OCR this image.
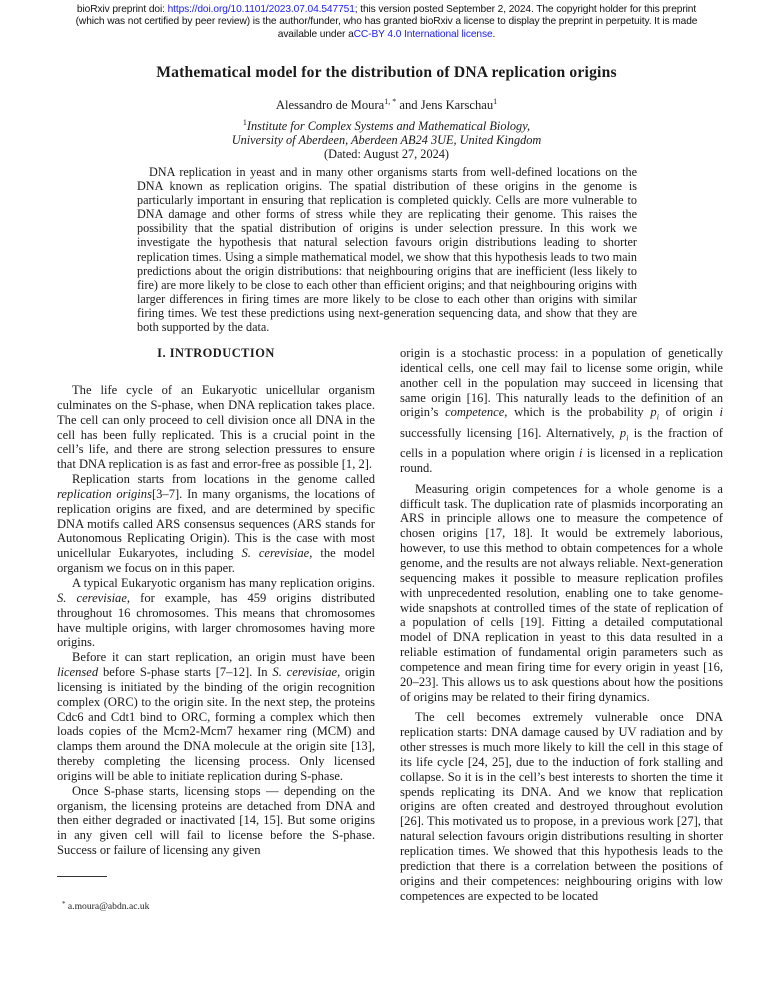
bioRxiv preprint doi: https://doi.org/10.1101/2023.07.04.547751; this version posted September 2, 2024. The copyright holder for this preprint
(which was not certified by peer review) is the author/funder, who has granted bioRxiv a license to display the preprint in perpetuity. It is made
available under aCC-BY 4.0 International license.
Mathematical model for the distribution of DNA replication origins
Alessandro de Moura$^{1, *}$ and Jens Karschau$^1$
$^1$Institute for Complex Systems and Mathematical Biology,
University of Aberdeen, Aberdeen AB24 3UE, United Kingdom
(Dated: August 27, 2024)
DNA replication in yeast and in many other organisms starts from well-defined locations on the DNA known as replication origins. The spatial distribution of these origins in the genome is particularly important in ensuring that replication is completed quickly. Cells are more vulnerable to DNA damage and other forms of stress while they are replicating their genome. This raises the possibility that the spatial distribution of origins is under selection pressure. In this work we investigate the hypothesis that natural selection favours origin distributions leading to shorter replication times. Using a simple mathematical model, we show that this hypothesis leads to two main predictions about the origin distributions: that neighbouring origins that are inefficient (less likely to fire) are more likely to be close to each other than efficient origins; and that neighbouring origins with larger differences in firing times are more likely to be close to each other than origins with similar firing times. We test these predictions using next-generation sequencing data, and show that they are both supported by the data.
I. INTRODUCTION

The life cycle of an Eukaryotic unicellular organism culminates on the S-phase, when DNA replication takes place. The cell can only proceed to cell division once all DNA in the cell has been fully replicated. This is a crucial point in the cell’s life, and there are strong selection pressures to ensure that DNA replication is as fast and error-free as possible [1, 2].

Replication starts from locations in the genome called replication origins[3–7]. In many organisms, the locations of replication origins are fixed, and are determined by specific DNA motifs called ARS consensus sequences (ARS stands for Autonomous Replicating Origin). This is the case with most unicellular Eukaryotes, including S. cerevisiae, the model organism we focus on in this paper.

A typical Eukaryotic organism has many replication origins. S. cerevisiae, for example, has 459 origins distributed throughout 16 chromosomes. This means that chromosomes have multiple origins, with larger chromosomes having more origins.

Before it can start replication, an origin must have been licensed before S-phase starts [7–12]. In S. cerevisiae, origin licensing is initiated by the binding of the origin recognition complex (ORC) to the origin site. In the next step, the proteins Cdc6 and Cdt1 bind to ORC, forming a complex which then loads copies of the Mcm2-Mcm7 hexamer ring (MCM) and clamps them around the DNA molecule at the origin site [13], thereby completing the licensing process. Only licensed origins will be able to initiate replication during S-phase.

Once S-phase starts, licensing stops — depending on the organism, the licensing proteins are detached from DNA and then either degraded or inactivated [14, 15]. But some origins in any given cell will fail to license before the S-phase. Success or failure of licensing any given

* a.moura@abdn.ac.uk

origin is a stochastic process: in a population of genetically identical cells, one cell may fail to license some origin, while another cell in the population may succeed in licensing that same origin [16]. This naturally leads to the definition of an origin’s competence, which is the probability $p_i$ of origin i successfully licensing [16]. Alternatively, $p_i$ is the fraction of cells in a population where origin i is licensed in a replication round.

Measuring origin competences for a whole genome is a difficult task. The duplication rate of plasmids incorporating an ARS in principle allows one to measure the competence of chosen origins [17, 18]. It would be extremely laborious, however, to use this method to obtain competences for a whole genome, and the results are not always reliable. Next-generation sequencing makes it possible to measure replication profiles with unprecedented resolution, enabling one to take genome-wide snapshots at controlled times of the state of replication of a population of cells [19]. Fitting a detailed computational model of DNA replication in yeast to this data resulted in a reliable estimation of fundamental origin parameters such as competence and mean firing time for every origin in yeast [16, 20–23]. This allows us to ask questions about how the positions of origins may be related to their firing dynamics.

The cell becomes extremely vulnerable once DNA replication starts: DNA damage caused by UV radiation and by other stresses is much more likely to kill the cell in this stage of its life cycle [24, 25], due to the induction of fork stalling and collapse. So it is in the cell’s best interests to shorten the time it spends replicating its DNA. And we know that replication origins are often created and destroyed throughout evolution [26]. This motivated us to propose, in a previous work [27], that natural selection favours origin distributions resulting in shorter replication times. We showed that this hypothesis leads to the prediction that there is a correlation between the positions of origins and their competences: neighbouring origins with low competences are expected to be located
